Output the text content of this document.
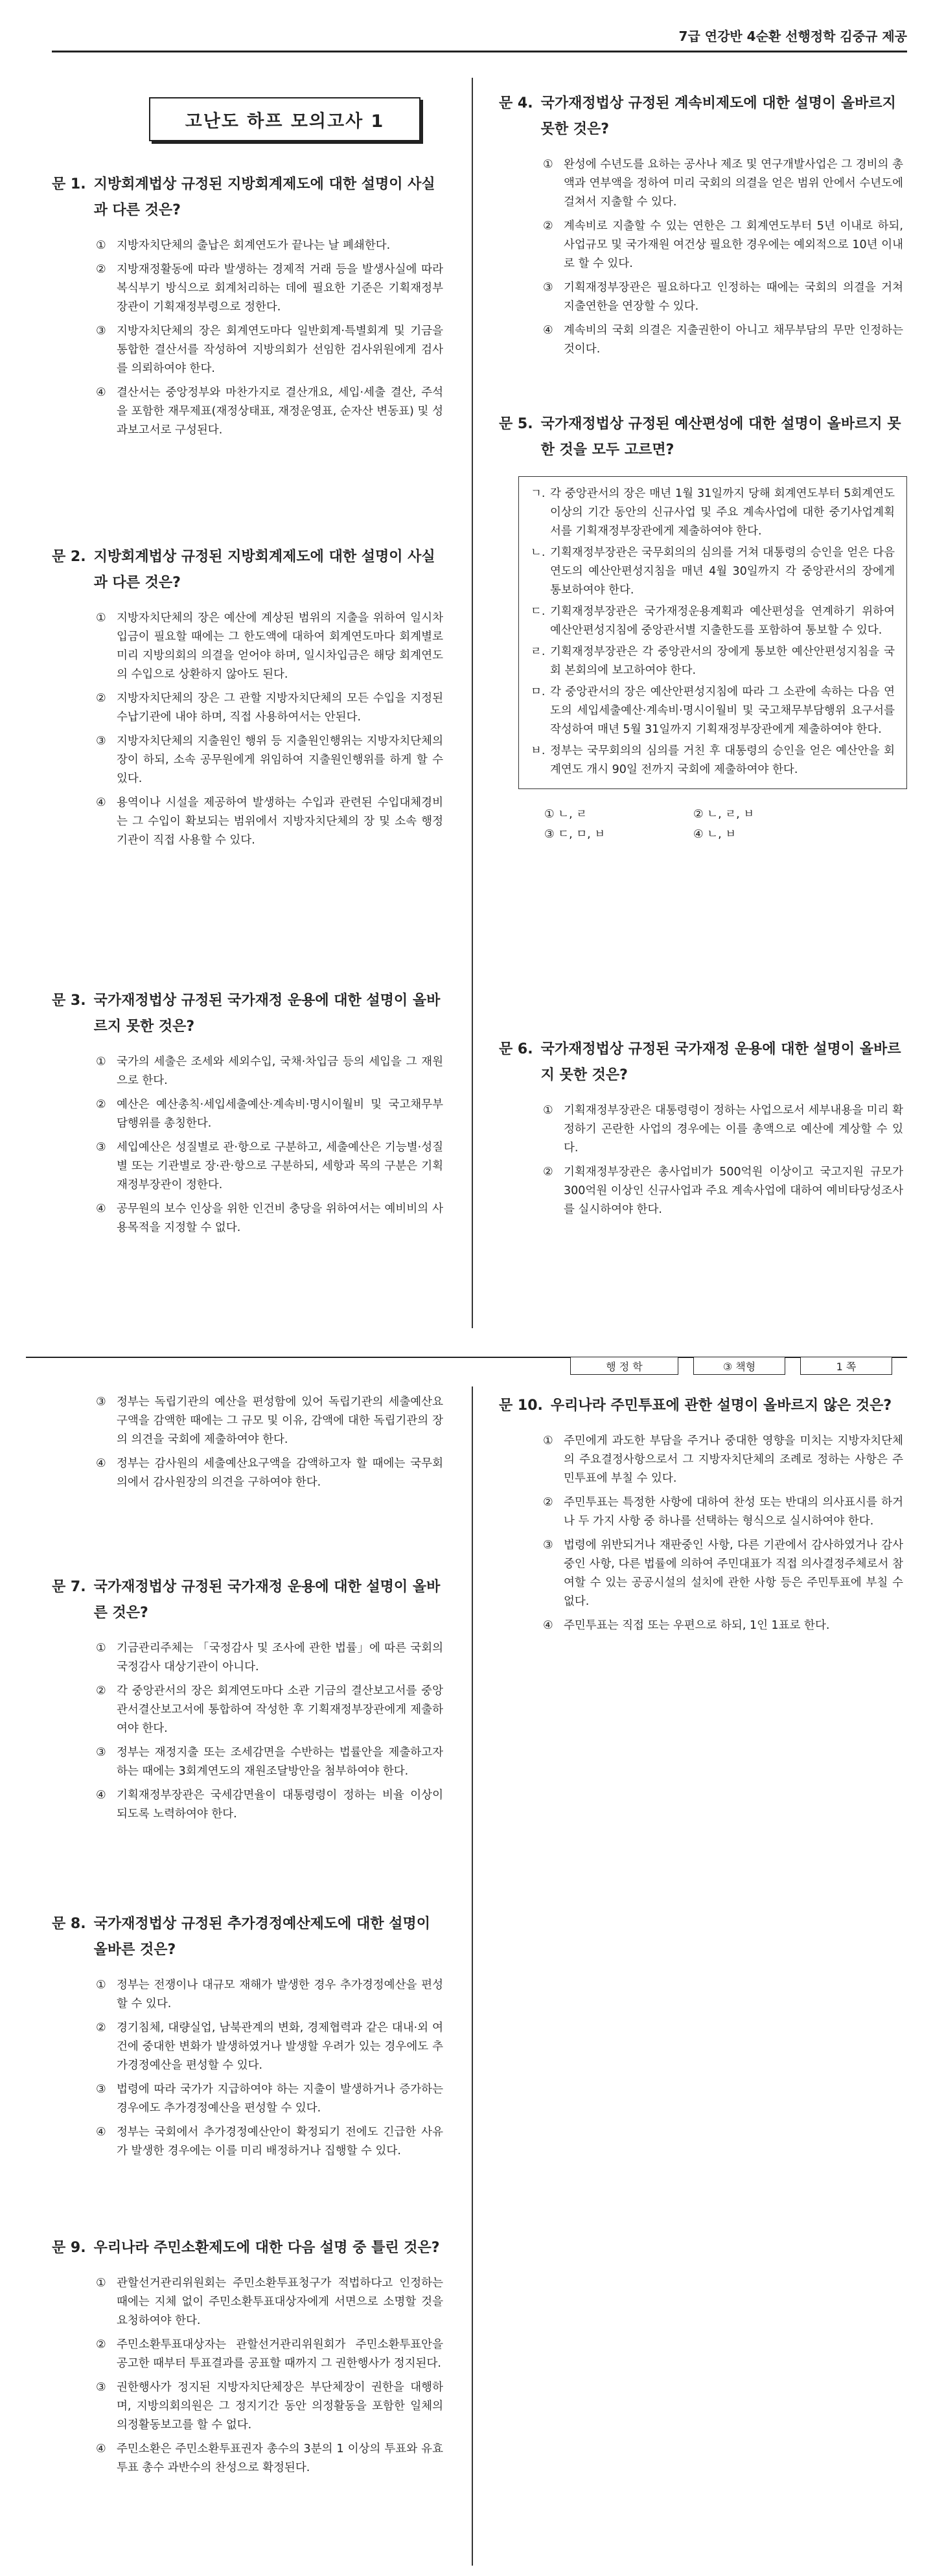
7급 연강반 4순환 선행정학 김중규 제공
고난도 하프 모의고사 1
문 1. 지방회계법상 규정된 지방회계제도에 대한 설명이 사실과 다른 것은?
① 지방자치단체의 출납은 회계연도가 끝나는 날 폐쇄한다.
② 지방재정활동에 따라 발생하는 경제적 거래 등을 발생사실에 따라 복식부기 방식으로 회계처리하는 데에 필요한 기준은 기획재정부장관이 기획재정부령으로 정한다.
③ 지방자치단체의 장은 회계연도마다 일반회계·특별회계 및 기금을 통합한 결산서를 작성하여 지방의회가 선임한 검사위원에게 검사를 의뢰하여야 한다.
④ 결산서는 중앙정부와 마찬가지로 결산개요, 세입·세출 결산, 주석을 포함한 재무제표(재정상태표, 재정운영표, 순자산 변동표) 및 성과보고서로 구성된다.
문 2. 지방회계법상 규정된 지방회계제도에 대한 설명이 사실과 다른 것은?
① 지방자치단체의 장은 예산에 계상된 범위의 지출을 위하여 일시차입금이 필요할 때에는 그 한도액에 대하여 회계연도마다 회계별로 미리 지방의회의 의결을 얻어야 하며, 일시차입금은 해당 회계연도의 수입으로 상환하지 않아도 된다.
② 지방자치단체의 장은 그 관할 지방자치단체의 모든 수입을 지정된 수납기관에 내야 하며, 직접 사용하여서는 안된다.
③ 지방자치단체의 지출원인 행위 등 지출원인행위는 지방자치단체의 장이 하되, 소속 공무원에게 위임하여 지출원인행위를 하게 할 수 있다.
④ 용역이나 시설을 제공하여 발생하는 수입과 관련된 수입대체경비는 그 수입이 확보되는 범위에서 지방자치단체의 장 및 소속 행정기관이 직접 사용할 수 있다.
문 3. 국가재정법상 규정된 국가재정 운용에 대한 설명이 올바르지 못한 것은?
① 국가의 세출은 조세와 세외수입, 국채·차입금 등의 세입을 그 재원으로 한다.
② 예산은 예산총칙·세입세출예산·계속비·명시이월비 및 국고채무부담행위를 총칭한다.
③ 세입예산은 성질별로 관·항으로 구분하고, 세출예산은 기능별·성질별 또는 기관별로 장·관·항으로 구분하되, 세항과 목의 구분은 기획재정부장관이 정한다.
④ 공무원의 보수 인상을 위한 인건비 충당을 위하여서는 예비비의 사용목적을 지정할 수 없다.
문 4. 국가재정법상 규정된 계속비제도에 대한 설명이 올바르지 못한 것은?
① 완성에 수년도를 요하는 공사나 제조 및 연구개발사업은 그 경비의 총액과 연부액을 정하여 미리 국회의 의결을 얻은 범위 안에서 수년도에 걸쳐서 지출할 수 있다.
② 계속비로 지출할 수 있는 연한은 그 회계연도부터 5년 이내로 하되, 사업규모 및 국가재원 여건상 필요한 경우에는 예외적으로 10년 이내로 할 수 있다.
③ 기획재정부장관은 필요하다고 인정하는 때에는 국회의 의결을 거쳐 지출연한을 연장할 수 있다.
④ 계속비의 국회 의결은 지출권한이 아니고 채무부담의 무만 인정하는 것이다.
문 5. 국가재정법상 규정된 예산편성에 대한 설명이 올바르지 못한 것을 모두 고르면?
ㄱ. 각 중앙관서의 장은 매년 1월 31일까지 당해 회계연도부터 5회계연도 이상의 기간 동안의 신규사업 및 주요 계속사업에 대한 중기사업계획서를 기획재정부장관에게 제출하여야 한다.
ㄴ. 기획재정부장관은 국무회의의 심의를 거쳐 대통령의 승인을 얻은 다음 연도의 예산안편성지침을 매년 4월 30일까지 각 중앙관서의 장에게 통보하여야 한다.
ㄷ. 기획재정부장관은 국가재정운용계획과 예산편성을 연계하기 위하여 예산안편성지침에 중앙관서별 지출한도를 포함하여 통보할 수 있다.
ㄹ. 기획재정부장관은 각 중앙관서의 장에게 통보한 예산안편성지침을 국회 본회의에 보고하여야 한다.
ㅁ. 각 중앙관서의 장은 예산안편성지침에 따라 그 소관에 속하는 다음 연도의 세입세출예산·계속비·명시이월비 및 국고채무부담행위 요구서를 작성하여 매년 5월 31일까지 기획재정부장관에게 제출하여야 한다.
ㅂ. 정부는 국무회의의 심의를 거친 후 대통령의 승인을 얻은 예산안을 회계연도 개시 90일 전까지 국회에 제출하여야 한다.
① ㄴ, ㄹ	② ㄴ, ㄹ, ㅂ
③ ㄷ, ㅁ, ㅂ	④ ㄴ, ㅂ
문 6. 국가재정법상 규정된 국가재정 운용에 대한 설명이 올바르지 못한 것은?
① 기획재정부장관은 대통령령이 정하는 사업으로서 세부내용을 미리 확정하기 곤란한 사업의 경우에는 이를 총액으로 예산에 계상할 수 있다.
② 기획재정부장관은 총사업비가 500억원 이상이고 국고지원 규모가 300억원 이상인 신규사업과 주요 계속사업에 대하여 예비타당성조사를 실시하여야 한다.
행 정 학	③ 책형	1 쪽
③ 정부는 독립기관의 예산을 편성함에 있어 독립기관의 세출예산요구액을 감액한 때에는 그 규모 및 이유, 감액에 대한 독립기관의 장의 의견을 국회에 제출하여야 한다.
④ 정부는 감사원의 세출예산요구액을 감액하고자 할 때에는 국무회의에서 감사원장의 의견을 구하여야 한다.
문 7. 국가재정법상 규정된 국가재정 운용에 대한 설명이 올바른 것은?
① 기금관리주체는 「국정감사 및 조사에 관한 법률」에 따른 국회의 국정감사 대상기관이 아니다.
② 각 중앙관서의 장은 회계연도마다 소관 기금의 결산보고서를 중앙관서결산보고서에 통합하여 작성한 후 기획재정부장관에게 제출하여야 한다.
③ 정부는 재정지출 또는 조세감면을 수반하는 법률안을 제출하고자 하는 때에는 3회계연도의 재원조달방안을 첨부하여야 한다.
④ 기획재정부장관은 국세감면율이 대통령령이 정하는 비율 이상이 되도록 노력하여야 한다.
문 8. 국가재정법상 규정된 추가경정예산제도에 대한 설명이 올바른 것은?
① 정부는 전쟁이나 대규모 재해가 발생한 경우 추가경정예산을 편성할 수 있다.
② 경기침체, 대량실업, 남북관계의 변화, 경제협력과 같은 대내·외 여건에 중대한 변화가 발생하였거나 발생할 우려가 있는 경우에도 추가경정예산을 편성할 수 있다.
③ 법령에 따라 국가가 지급하여야 하는 지출이 발생하거나 증가하는 경우에도 추가경정예산을 편성할 수 있다.
④ 정부는 국회에서 추가경정예산안이 확정되기 전에도 긴급한 사유가 발생한 경우에는 이를 미리 배정하거나 집행할 수 있다.
문 9. 우리나라 주민소환제도에 대한 다음 설명 중 틀린 것은?
① 관할선거관리위원회는 주민소환투표청구가 적법하다고 인정하는 때에는 지체 없이 주민소환투표대상자에게 서면으로 소명할 것을 요청하여야 한다.
② 주민소환투표대상자는 관할선거관리위원회가 주민소환투표안을 공고한 때부터 투표결과를 공표할 때까지 그 권한행사가 정지된다.
③ 권한행사가 정지된 지방자치단체장은 부단체장이 권한을 대행하며, 지방의회의원은 그 정지기간 동안 의정활동을 포함한 일체의 의정활동보고를 할 수 없다.
④ 주민소환은 주민소환투표권자 총수의 3분의 1 이상의 투표와 유효투표 총수 과반수의 찬성으로 확정된다.
문 10. 우리나라 주민투표에 관한 설명이 올바르지 않은 것은?
① 주민에게 과도한 부담을 주거나 중대한 영향을 미치는 지방자치단체의 주요결정사항으로서 그 지방자치단체의 조례로 정하는 사항은 주민투표에 부칠 수 있다.
② 주민투표는 특정한 사항에 대하여 찬성 또는 반대의 의사표시를 하거나 두 가지 사항 중 하나를 선택하는 형식으로 실시하여야 한다.
③ 법령에 위반되거나 재판중인 사항, 다른 기관에서 감사하였거나 감사 중인 사항, 다른 법률에 의하여 주민대표가 직접 의사결정주체로서 참여할 수 있는 공공시설의 설치에 관한 사항 등은 주민투표에 부칠 수 없다.
④ 주민투표는 직접 또는 우편으로 하되, 1인 1표로 한다.
